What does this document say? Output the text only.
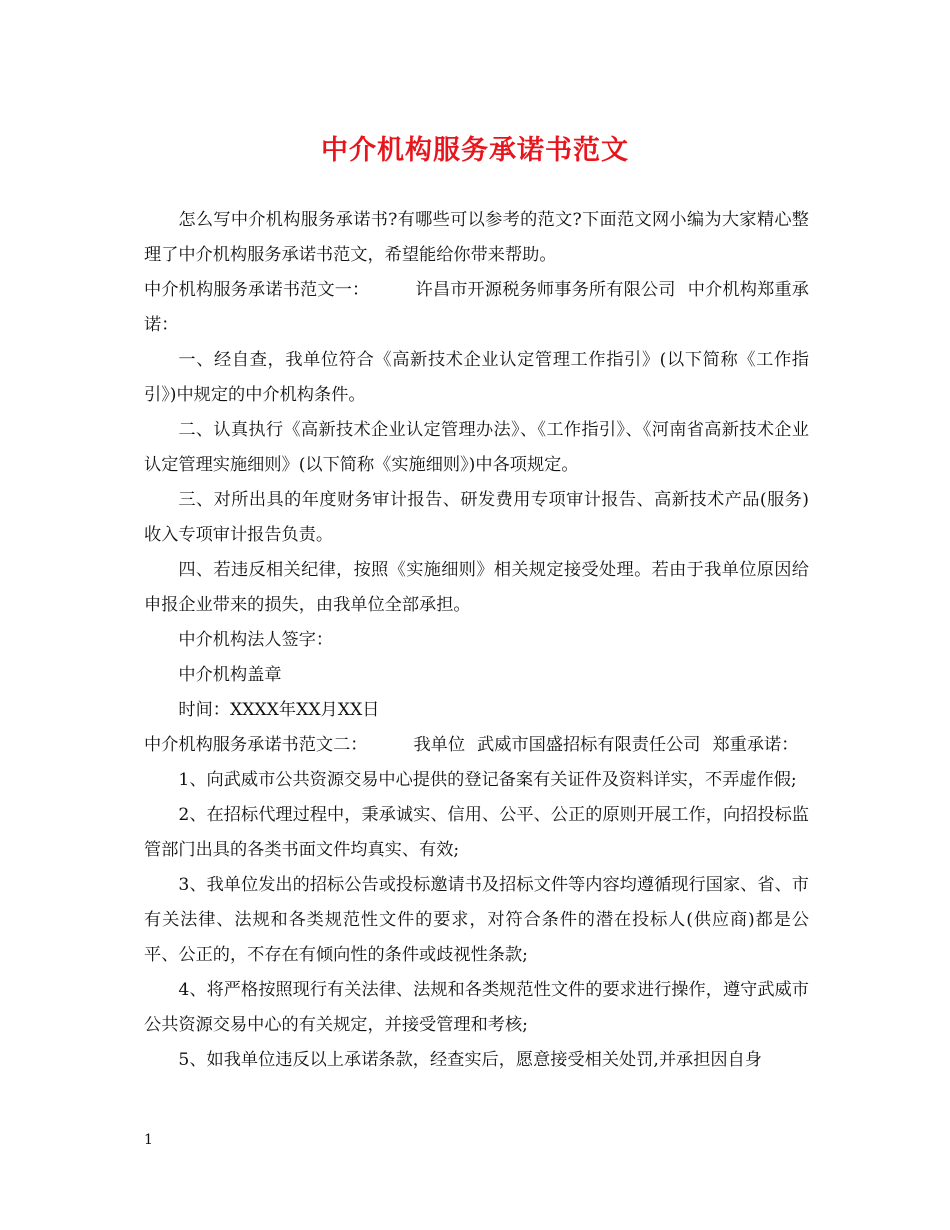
中介机构服务承诺书范文

怎么写中介机构服务承诺书?有哪些可以参考的范文?下面范文网小编为大家精心整理了中介机构服务承诺书范文，希望能给你带来帮助。

中介机构服务承诺书范文一：	许昌市开源税务师事务所有限公司 中介机构郑重承诺：

一、经自查，我单位符合《高新技术企业认定管理工作指引》(以下简称《工作指引》)中规定的中介机构条件。

二、认真执行《高新技术企业认定管理办法》、《工作指引》、《河南省高新技术企业认定管理实施细则》(以下简称《实施细则》)中各项规定。

三、对所出具的年度财务审计报告、研发费用专项审计报告、高新技术产品(服务)收入专项审计报告负责。

四、若违反相关纪律，按照《实施细则》相关规定接受处理。若由于我单位原因给申报企业带来的损失，由我单位全部承担。

中介机构法人签字：

中介机构盖章

时间：XXXX年XX月XX日

中介机构服务承诺书范文二：	我单位 武威市国盛招标有限责任公司 郑重承诺：

1、向武威市公共资源交易中心提供的登记备案有关证件及资料详实，不弄虚作假;

2、在招标代理过程中，秉承诚实、信用、公平、公正的原则开展工作，向招投标监管部门出具的各类书面文件均真实、有效;

3、我单位发出的招标公告或投标邀请书及招标文件等内容均遵循现行国家、省、市有关法律、法规和各类规范性文件的要求，对符合条件的潜在投标人(供应商)都是公平、公正的，不存在有倾向性的条件或歧视性条款;

4、将严格按照现行有关法律、法规和各类规范性文件的要求进行操作，遵守武威市公共资源交易中心的有关规定，并接受管理和考核;

5、如我单位违反以上承诺条款，经查实后，愿意接受相关处罚,并承担因自身

1
